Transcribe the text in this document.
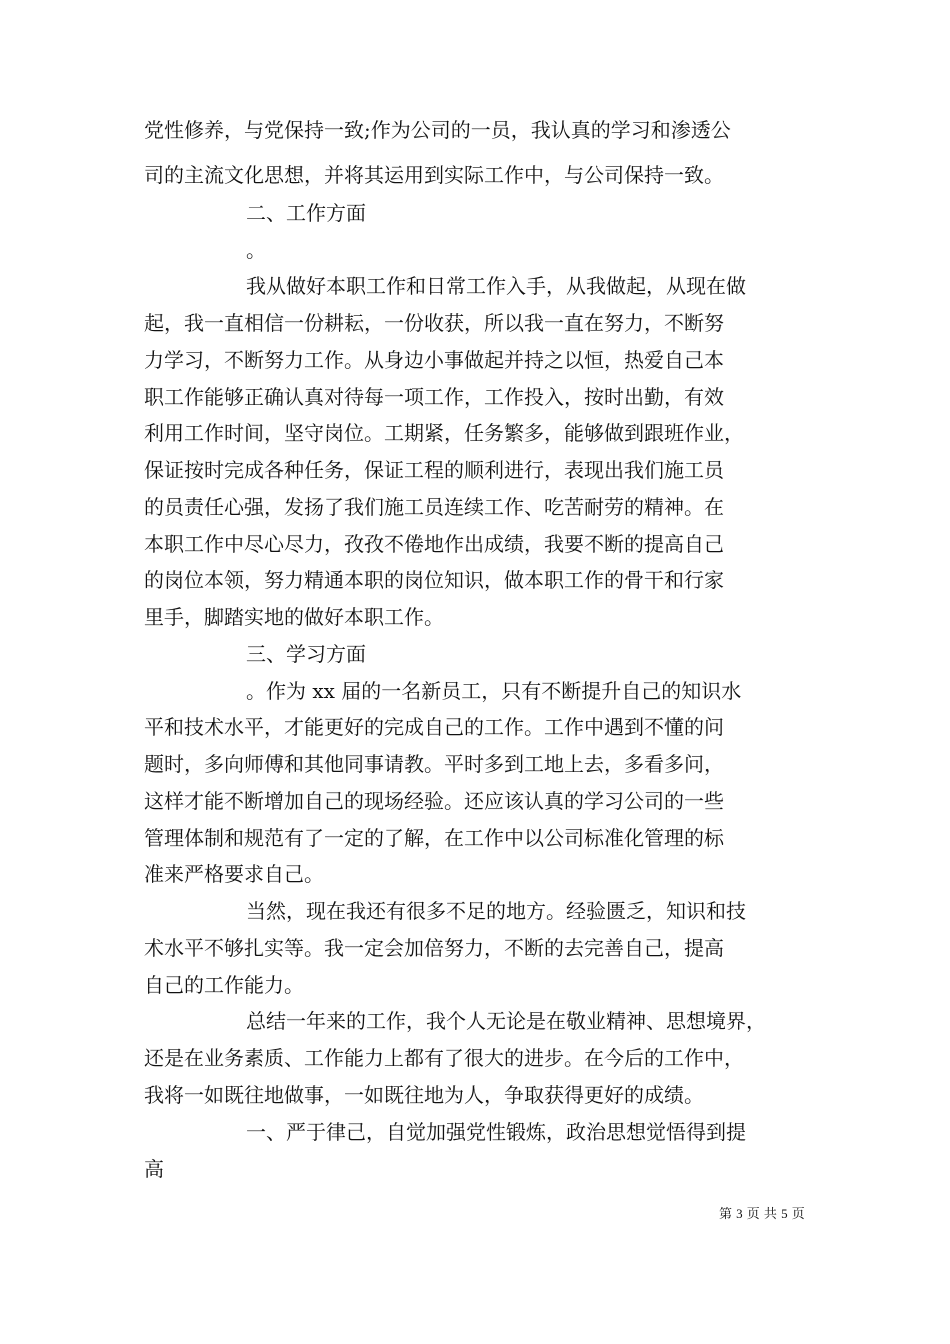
党性修养，与党保持一致;作为公司的一员，我认真的学习和渗透公
司的主流文化思想，并将其运用到实际工作中，与公司保持一致。
二、工作方面
。
我从做好本职工作和日常工作入手，从我做起，从现在做
起，我一直相信一份耕耘，一份收获，所以我一直在努力，不断努
力学习，不断努力工作。从身边小事做起并持之以恒，热爱自己本
职工作能够正确认真对待每一项工作，工作投入，按时出勤，有效
利用工作时间，坚守岗位。工期紧，任务繁多，能够做到跟班作业，
保证按时完成各种任务，保证工程的顺利进行，表现出我们施工员
的员责任心强，发扬了我们施工员连续工作、吃苦耐劳的精神。在
本职工作中尽心尽力，孜孜不倦地作出成绩，我要不断的提高自己
的岗位本领，努力精通本职的岗位知识，做本职工作的骨干和行家
里手，脚踏实地的做好本职工作。
三、学习方面
。作为 xx 届的一名新员工，只有不断提升自己的知识水
平和技术水平，才能更好的完成自己的工作。工作中遇到不懂的问
题时，多向师傅和其他同事请教。平时多到工地上去，多看多问，
这样才能不断增加自己的现场经验。还应该认真的学习公司的一些
管理体制和规范有了一定的了解，在工作中以公司标准化管理的标
准来严格要求自己。
当然，现在我还有很多不足的地方。经验匮乏，知识和技
术水平不够扎实等。我一定会加倍努力，不断的去完善自己，提高
自己的工作能力。
总结一年来的工作，我个人无论是在敬业精神、思想境界，
还是在业务素质、工作能力上都有了很大的进步。在今后的工作中，
我将一如既往地做事，一如既往地为人，争取获得更好的成绩。
一、严于律己，自觉加强党性锻炼，政治思想觉悟得到提
高
第 3 页 共 5 页
